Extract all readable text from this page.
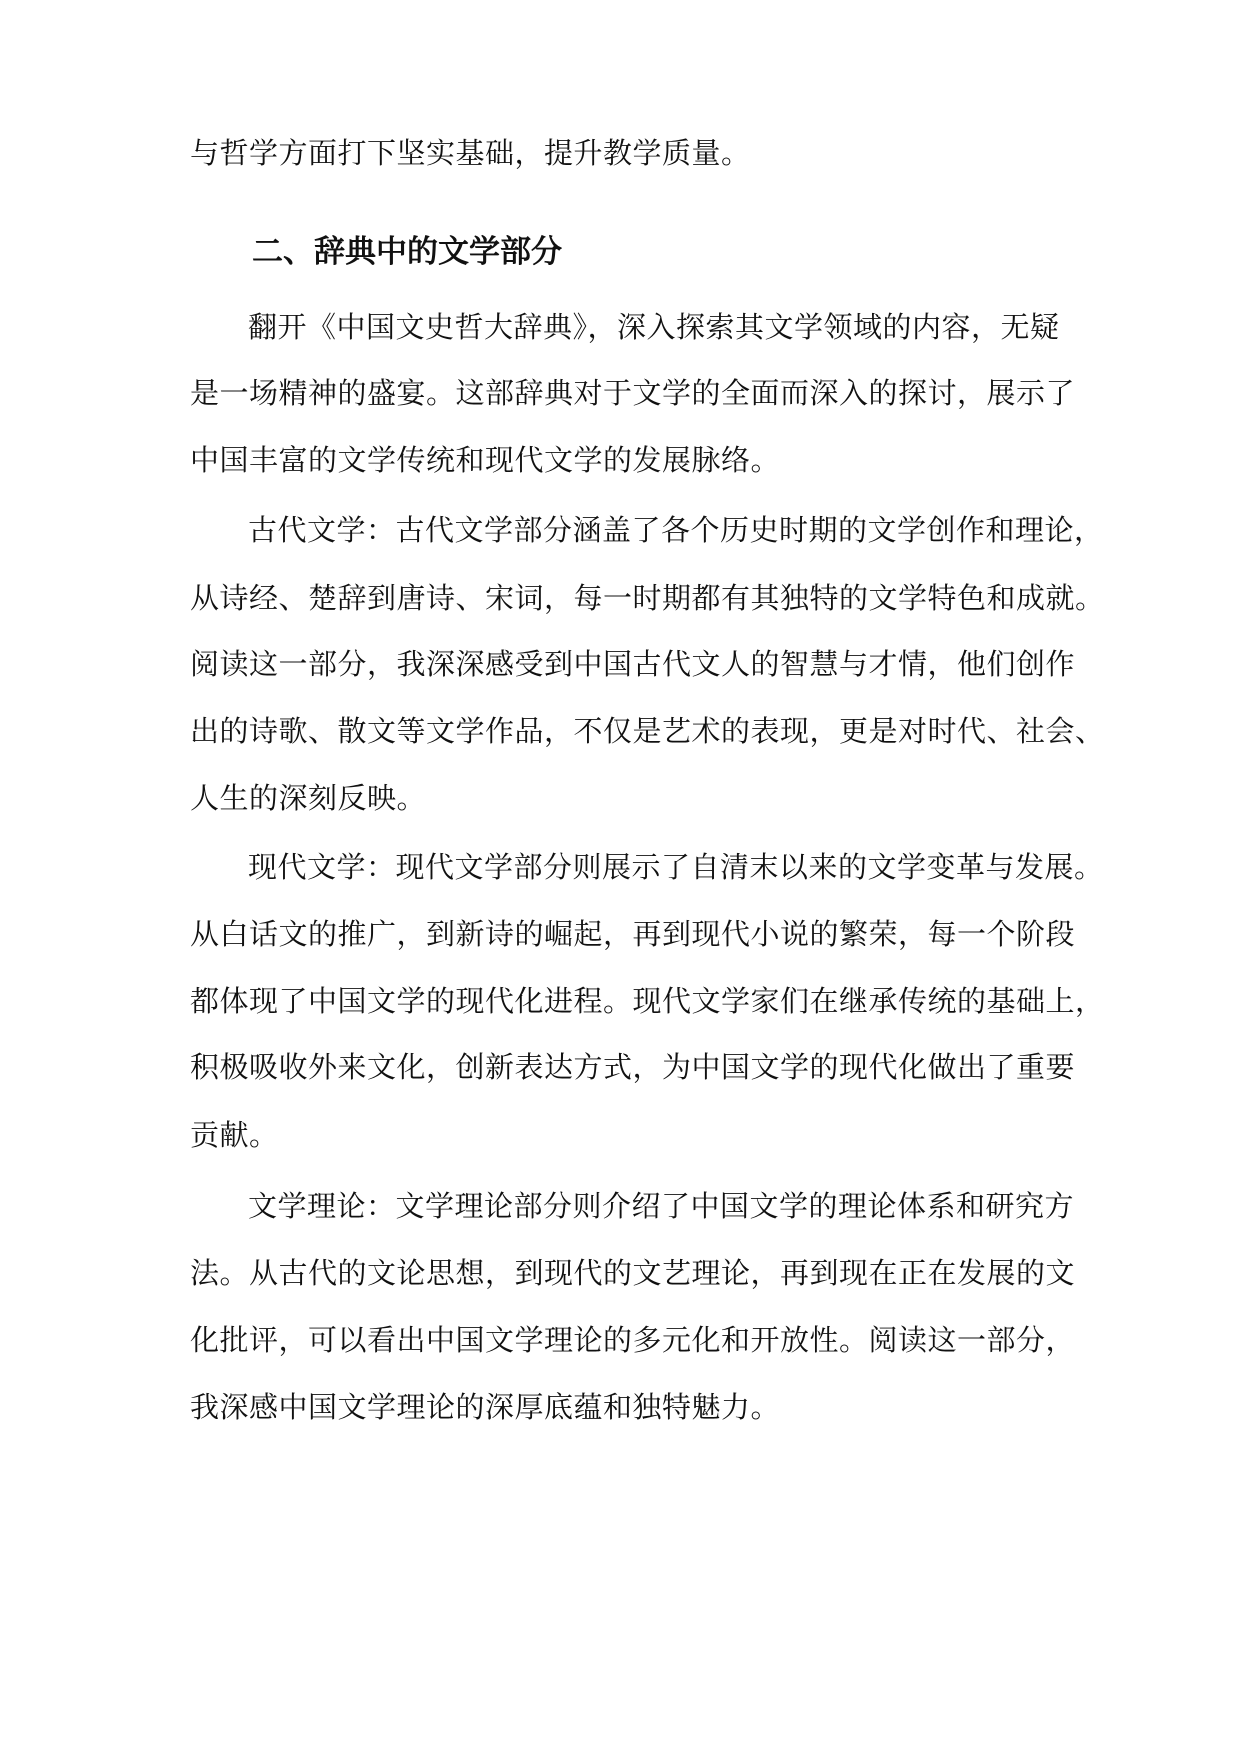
与哲学方面打下坚实基础，提升教学质量。
二、辞典中的文学部分
翻开《中国文史哲大辞典》，深入探索其文学领域的内容，无疑
是一场精神的盛宴。这部辞典对于文学的全面而深入的探讨，展示了
中国丰富的文学传统和现代文学的发展脉络。
古代文学：古代文学部分涵盖了各个历史时期的文学创作和理论，
从诗经、楚辞到唐诗、宋词，每一时期都有其独特的文学特色和成就。
阅读这一部分，我深深感受到中国古代文人的智慧与才情，他们创作
出的诗歌、散文等文学作品，不仅是艺术的表现，更是对时代、社会、
人生的深刻反映。
现代文学：现代文学部分则展示了自清末以来的文学变革与发展。
从白话文的推广，到新诗的崛起，再到现代小说的繁荣，每一个阶段
都体现了中国文学的现代化进程。现代文学家们在继承传统的基础上，
积极吸收外来文化，创新表达方式，为中国文学的现代化做出了重要
贡献。
文学理论：文学理论部分则介绍了中国文学的理论体系和研究方
法。从古代的文论思想，到现代的文艺理论，再到现在正在发展的文
化批评，可以看出中国文学理论的多元化和开放性。阅读这一部分，
我深感中国文学理论的深厚底蕴和独特魅力。
